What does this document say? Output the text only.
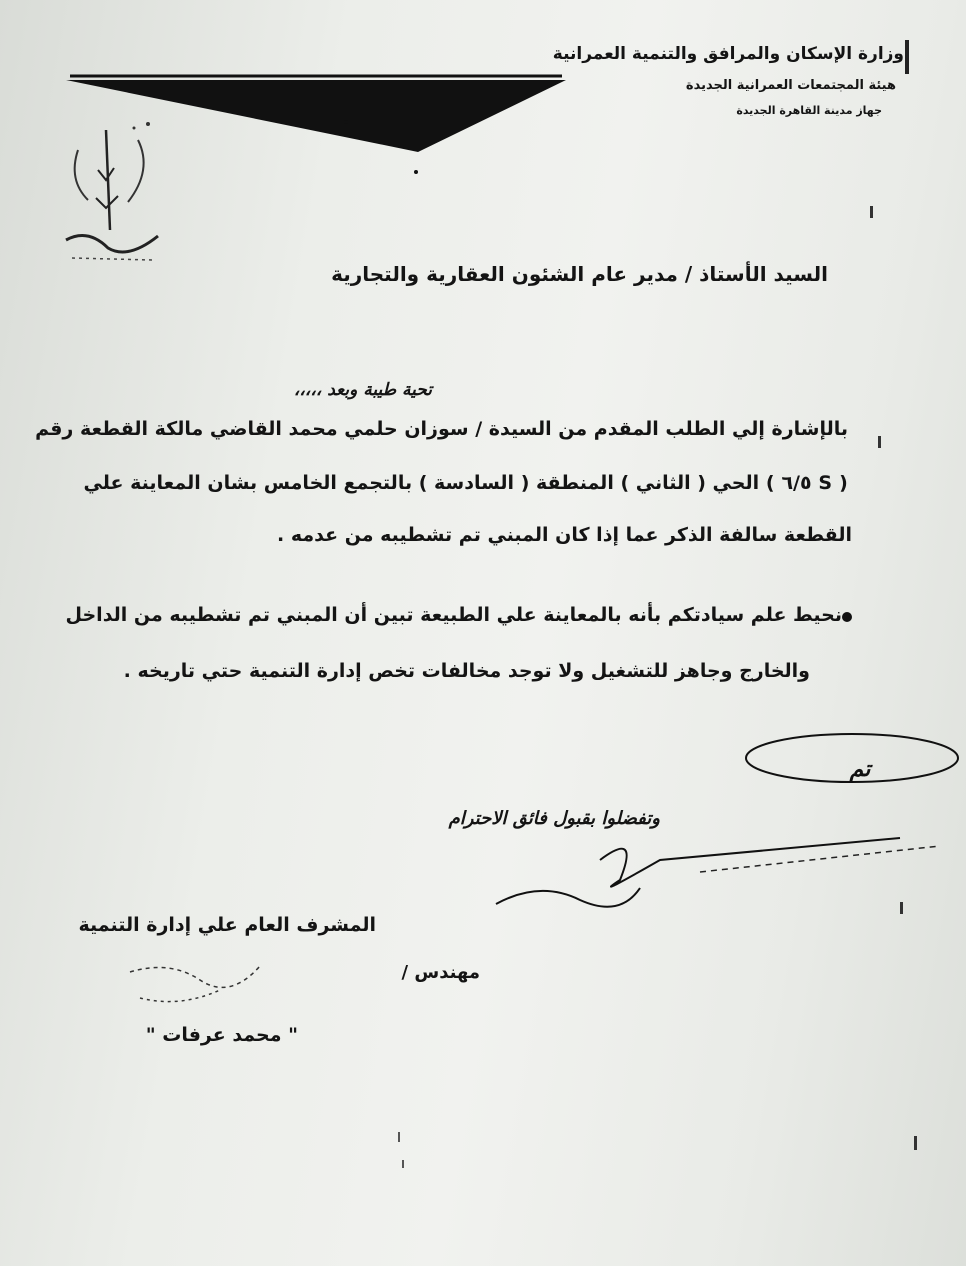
وزارة الإسكان والمرافق والتنمية العمرانية
هيئة المجتمعات العمرانية الجديدة
جهاز مدينة القاهرة الجديدة
السيد الأستاذ / مدير عام الشئون العقارية والتجارية
تحية طيبة وبعد ،،،،،
بالإشارة إلي الطلب المقدم من السيدة / سوزان حلمي محمد القاضي مالكة القطعة رقم
( S ٦/٥ ) الحي ( الثاني ) المنطقة ( السادسة ) بالتجمع الخامس بشان المعاينة علي
القطعة سالفة الذكر عما إذا كان المبني تم تشطيبه من عدمه .
نحيط علم سيادتكم بأنه بالمعاينة علي الطبيعة تبين أن المبني تم تشطيبه من الداخل
والخارج وجاهز للتشغيل ولا توجد مخالفات تخص إدارة التنمية حتي تاريخه .
وتفضلوا بقبول فائق الاحترام
المشرف العام علي إدارة التنمية
مهندس /
" محمد عرفات "
تم
